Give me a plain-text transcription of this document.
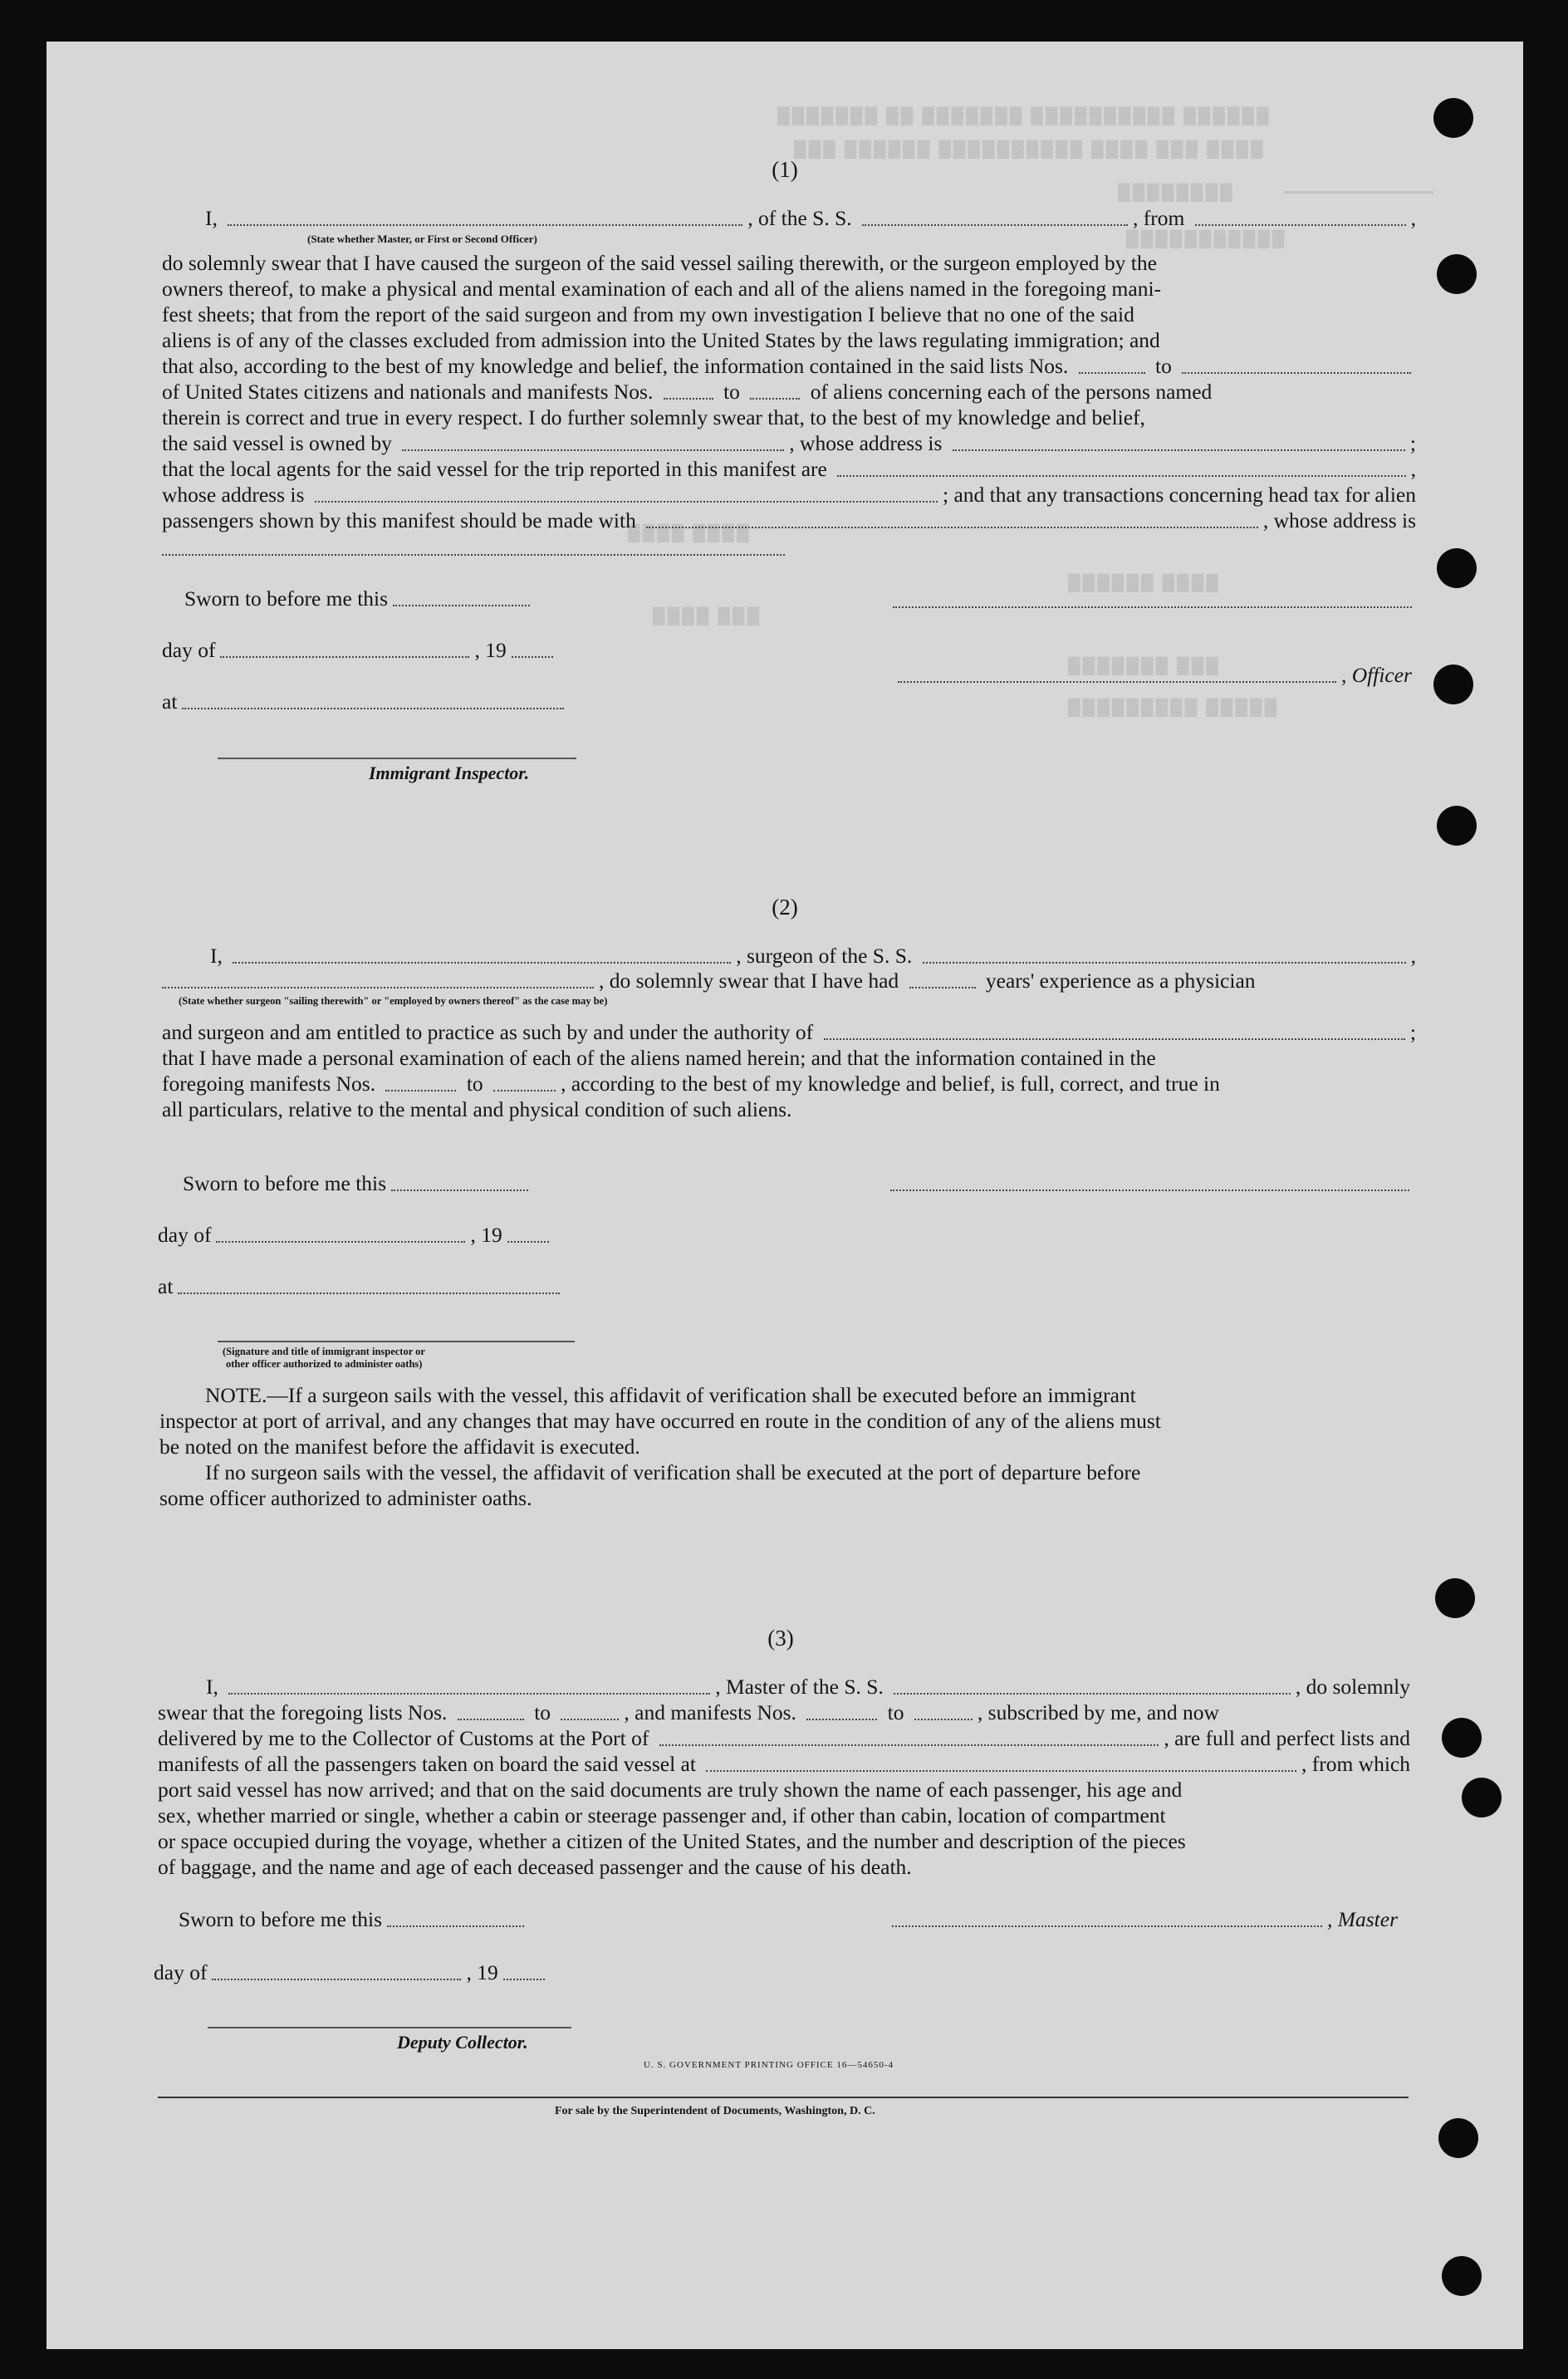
▓▓▓▓▓▓▓ ▓▓ ▓▓▓▓▓▓▓ ▓▓▓▓▓▓▓▓▓▓ ▓▓▓▓▓▓
▓▓▓ ▓▓▓▓▓▓ ▓▓▓▓▓▓▓▓▓▓ ▓▓▓▓ ▓▓▓ ▓▓▓▓
▓▓▓▓▓▓▓▓
▓▓▓▓▓▓▓▓▓▓▓
▓▓▓▓ ▓▓▓▓
▓▓▓▓ ▓▓▓
▓▓▓▓▓▓ ▓▓▓▓
▓▓▓▓▓▓▓ ▓▓▓
▓▓▓▓▓▓▓▓▓ ▓▓▓▓▓
(1)
I,	, of the S. S.	, from	,
(State whether Master, or First or Second Officer)
do solemnly swear that I have caused the surgeon of the said vessel sailing therewith, or the surgeon employed by the
owners thereof, to make a physical and mental examination of each and all of the aliens named in the foregoing mani-
fest sheets; that from the report of the said surgeon and from my own investigation I believe that no one of the said
aliens is of any of the classes excluded from admission into the United States by the laws regulating immigration; and
that also, according to the best of my knowledge and belief, the information contained in the said lists Nos.	to
of United States citizens and nationals and manifests Nos.	to	of aliens concerning each of the persons named
therein is correct and true in every respect. I do further solemnly swear that, to the best of my knowledge and belief,
the said vessel is owned by	, whose address is	;
that the local agents for the said vessel for the trip reported in this manifest are	,
whose address is	; and that any transactions concerning head tax for alien
passengers shown by this manifest should be made with	, whose address is
Sworn to before me this
day of	, 19
, Officer
at
Immigrant Inspector.
(2)
I,	, surgeon of the S. S.	,
, do solemnly swear that I have had	years' experience as a physician
(State whether surgeon "sailing therewith" or "employed by owners thereof" as the case may be)
and surgeon and am entitled to practice as such by and under the authority of	;
that I have made a personal examination of each of the aliens named herein; and that the information contained in the
foregoing manifests Nos.	to	, according to the best of my knowledge and belief, is full, correct, and true in
all particulars, relative to the mental and physical condition of such aliens.
Sworn to before me this
day of	, 19
at
(Signature and title of immigrant inspector or
other officer authorized to administer oaths)
NOTE.—If a surgeon sails with the vessel, this affidavit of verification shall be executed before an immigrant
inspector at port of arrival, and any changes that may have occurred en route in the condition of any of the aliens must
be noted on the manifest before the affidavit is executed.
If no surgeon sails with the vessel, the affidavit of verification shall be executed at the port of departure before
some officer authorized to administer oaths.
(3)
I,	, Master of the S. S.	, do solemnly
swear that the foregoing lists Nos.	to	, and manifests Nos.	to	, subscribed by me, and now
delivered by me to the Collector of Customs at the Port of	, are full and perfect lists and
manifests of all the passengers taken on board the said vessel at	, from which
port said vessel has now arrived; and that on the said documents are truly shown the name of each passenger, his age and
sex, whether married or single, whether a cabin or steerage passenger and, if other than cabin, location of compartment
or space occupied during the voyage, whether a citizen of the United States, and the number and description of the pieces
of baggage, and the name and age of each deceased passenger and the cause of his death.
Sworn to before me this	, Master
day of	, 19
Deputy Collector.
U. S. GOVERNMENT PRINTING OFFICE 16—54650-4
For sale by the Superintendent of Documents, Washington, D. C.
